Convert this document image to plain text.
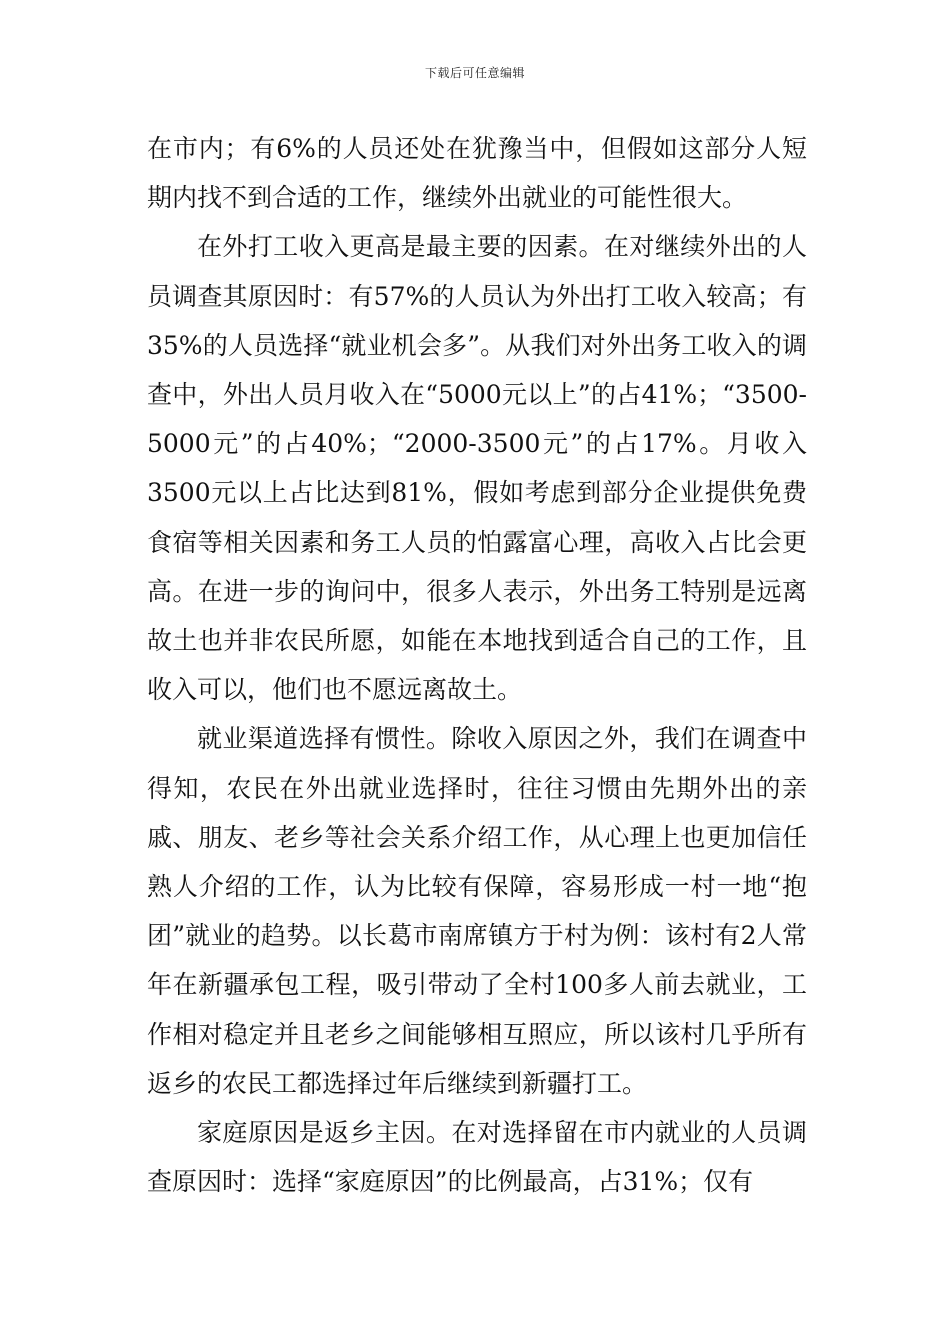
下载后可任意编辑

在市内；有6%的人员还处在犹豫当中，但假如这部分人短期内找不到合适的工作，继续外出就业的可能性很大。

在外打工收入更高是最主要的因素。在对继续外出的人员调查其原因时：有57%的人员认为外出打工收入较高；有35%的人员选择“就业机会多”。从我们对外出务工收入的调查中，外出人员月收入在“5000元以上”的占41%；“3500-5000元”的占40%；“2000-3500元”的占17%。月收入3500元以上占比达到81%，假如考虑到部分企业提供免费食宿等相关因素和务工人员的怕露富心理，高收入占比会更高。在进一步的询问中，很多人表示，外出务工特别是远离故土也并非农民所愿，如能在本地找到适合自己的工作，且收入可以，他们也不愿远离故土。

就业渠道选择有惯性。除收入原因之外，我们在调查中得知，农民在外出就业选择时，往往习惯由先期外出的亲戚、朋友、老乡等社会关系介绍工作，从心理上也更加信任熟人介绍的工作，认为比较有保障，容易形成一村一地“抱团”就业的趋势。以长葛市南席镇方于村为例：该村有2人常年在新疆承包工程，吸引带动了全村100多人前去就业，工作相对稳定并且老乡之间能够相互照应，所以该村几乎所有返乡的农民工都选择过年后继续到新疆打工。

家庭原因是返乡主因。在对选择留在市内就业的人员调查原因时：选择“家庭原因”的比例最高，占31%；仅有
